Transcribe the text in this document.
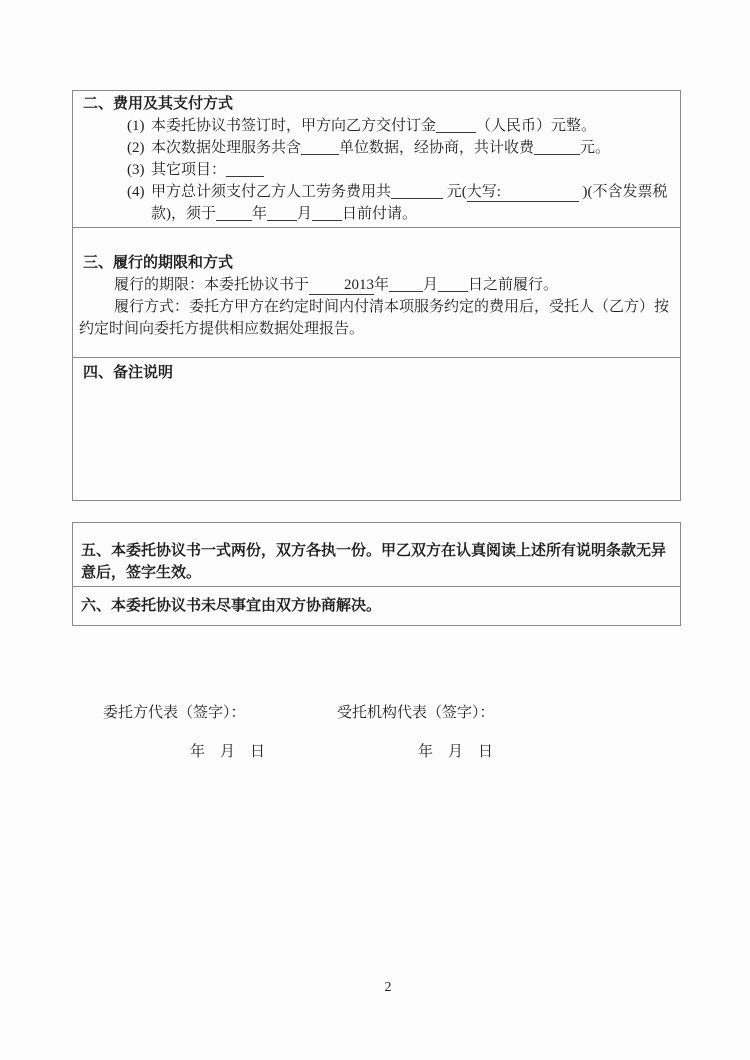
二、费用及其支付方式
(1) 本委托协议书签订时，甲方向乙方交付订金	（人民币）元整。
(2) 本次数据处理服务共含	单位数据，经协商，共计收费	元。
(3) 其它项目：
(4) 甲方总计须支付乙方人工劳务费用共	元(大写:	)(不含发票税款)，须于 年 月 日前付请。
三、履行的期限和方式

履行的期限：本委托协议书于2013年 月 日之前履行。

履行方式：委托方甲方在约定时间内付清本项服务约定的费用后，受托人（乙方）按约定时间向委托方提供相应数据处理报告。

四、备注说明

五、本委托协议书一式两份，双方各执一份。甲乙双方在认真阅读上述所有说明条款无异意后，签字生效。

六、本委托协议书未尽事宜由双方协商解决。

委托方代表（签字）：	受托机构代表（签字）：
年　月　日	年　月　日
2
